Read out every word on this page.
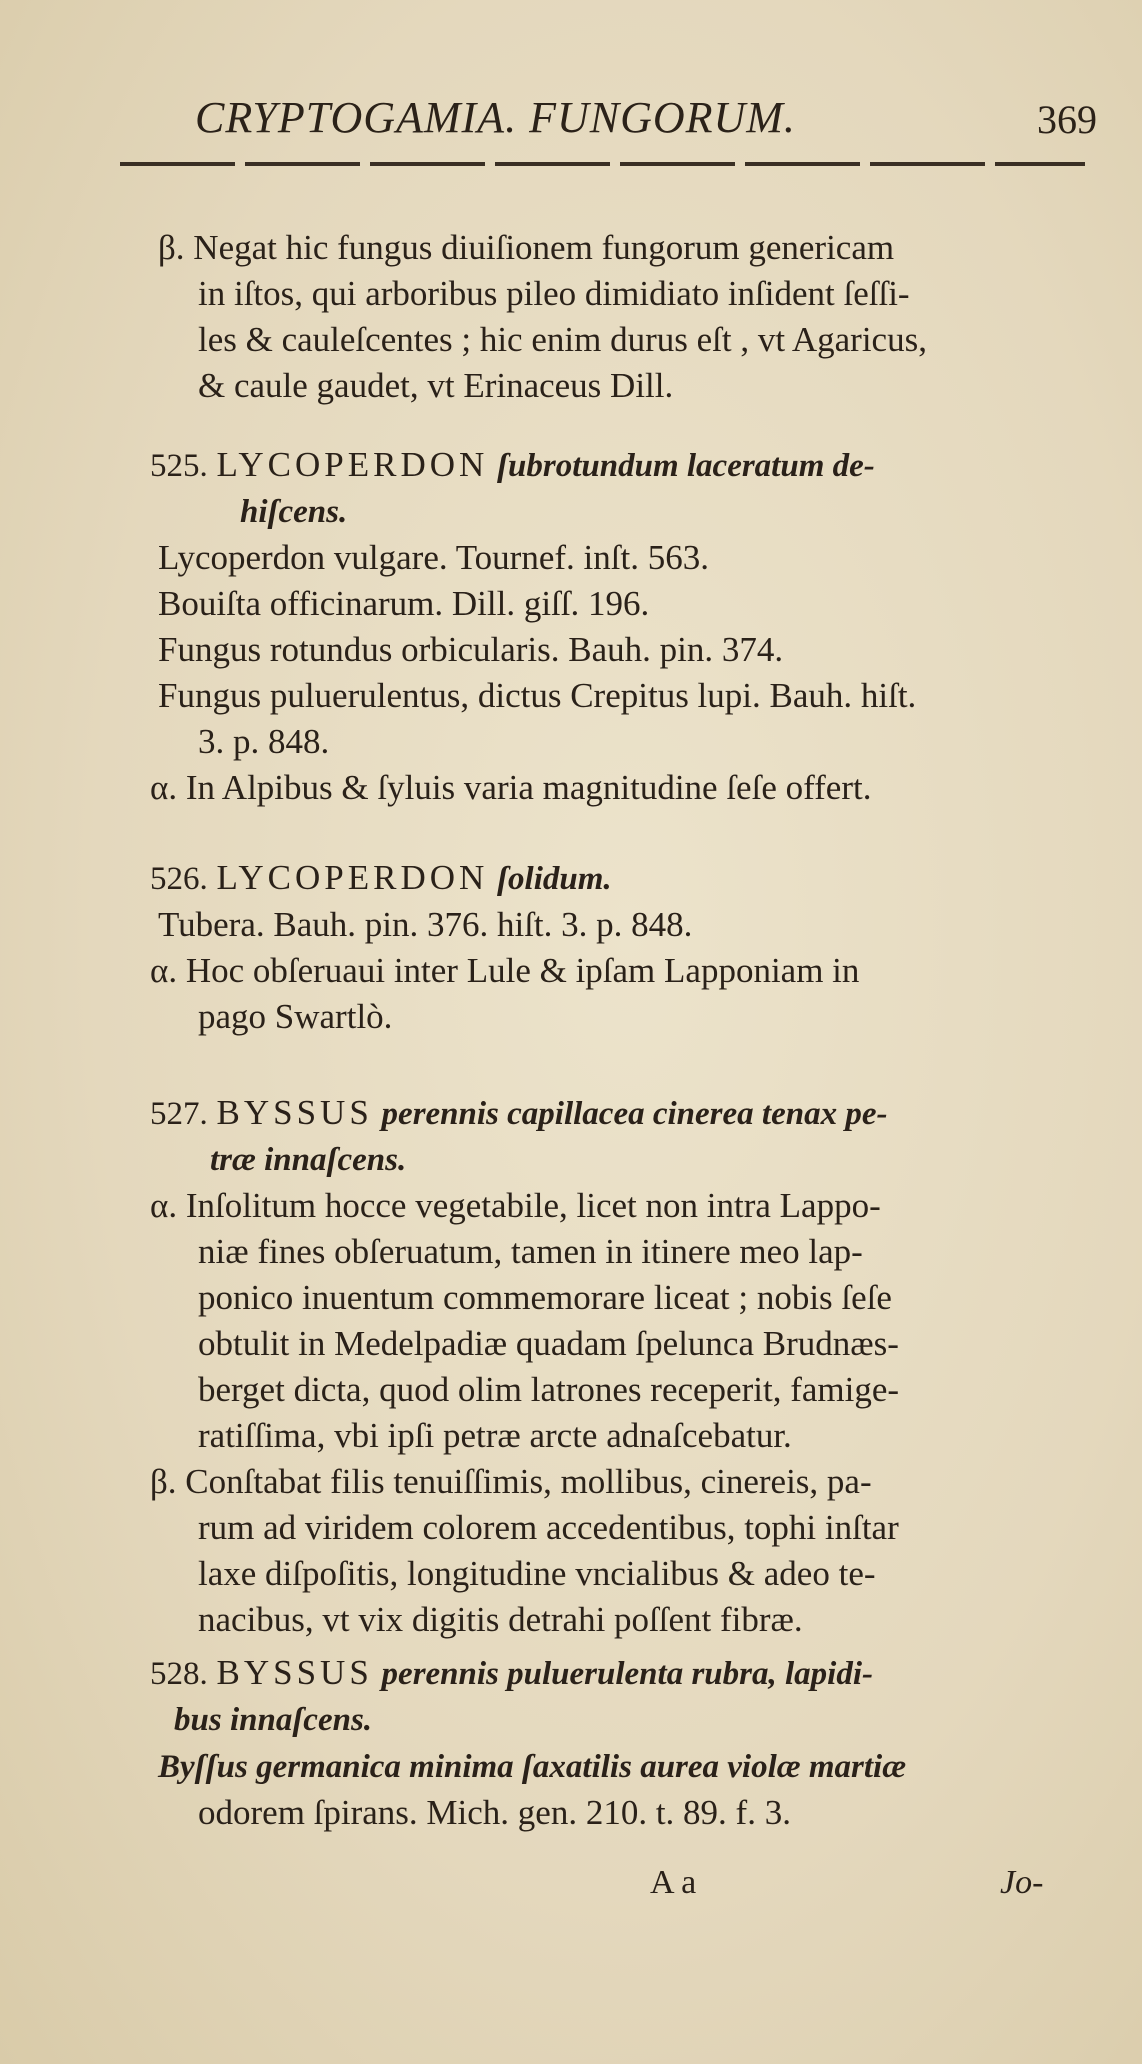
CRYPTOGAMIA. FUNGORUM.	369
β. Negat hic fungus diuiſionem fungorum genericam
in iſtos, qui arboribus pileo dimidiato inſident ſeſſi-
les & cauleſcentes ; hic enim durus eſt , vt Agaricus,
& caule gaudet, vt Erinaceus Dill.
525. LYCOPERDON ſubrotundum laceratum de-
hiſcens.
Lycoperdon vulgare. Tournef. inſt. 563.
Bouiſta officinarum. Dill. giſſ. 196.
Fungus rotundus orbicularis. Bauh. pin. 374.
Fungus puluerulentus, dictus Crepitus lupi. Bauh. hiſt.
3. p. 848.
α. In Alpibus & ſyluis varia magnitudine ſeſe offert.
526. LYCOPERDON ſolidum.
Tubera. Bauh. pin. 376. hiſt. 3. p. 848.
α. Hoc obſeruaui inter Lule & ipſam Lapponiam in
pago Swartlò.
527. BYSSUS perennis capillacea cinerea tenax pe-
træ innaſcens.
α. Inſolitum hocce vegetabile, licet non intra Lappo-
niæ fines obſeruatum, tamen in itinere meo lap-
ponico inuentum commemorare liceat ; nobis ſeſe
obtulit in Medelpadiæ quadam ſpelunca Brudnæs-
berget dicta, quod olim latrones receperit, famige-
ratiſſima, vbi ipſi petræ arcte adnaſcebatur.
β. Conſtabat filis tenuiſſimis, mollibus, cinereis, pa-
rum ad viridem colorem accedentibus, tophi inſtar
laxe diſpoſitis, longitudine vncialibus & adeo te-
nacibus, vt vix digitis detrahi poſſent fibræ.
528. BYSSUS perennis puluerulenta rubra, lapidi-
bus innaſcens.
Byſſus germanica minima ſaxatilis aurea violæ martiæ
odorem ſpirans. Mich. gen. 210. t. 89. f. 3.
A a	Jo-
